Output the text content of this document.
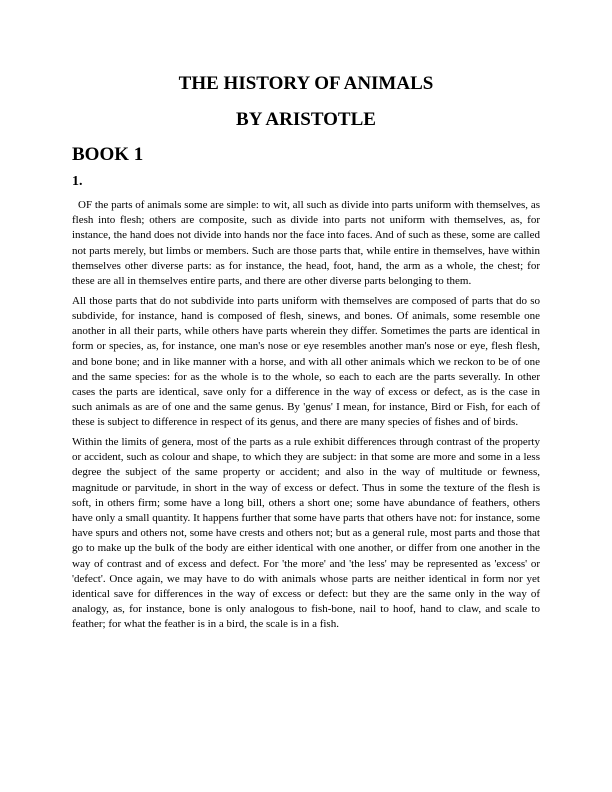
THE HISTORY OF ANIMALS
BY ARISTOTLE
BOOK 1
1.

OF the parts of animals some are simple: to wit, all such as divide into parts uniform with themselves, as flesh into flesh; others are composite, such as divide into parts not uniform with themselves, as, for instance, the hand does not divide into hands nor the face into faces. And of such as these, some are called not parts merely, but limbs or members. Such are those parts that, while entire in themselves, have within themselves other diverse parts: as for instance, the head, foot, hand, the arm as a whole, the chest; for these are all in themselves entire parts, and there are other diverse parts belonging to them.

All those parts that do not subdivide into parts uniform with themselves are composed of parts that do so subdivide, for instance, hand is composed of flesh, sinews, and bones. Of animals, some resemble one another in all their parts, while others have parts wherein they differ. Sometimes the parts are identical in form or species, as, for instance, one man's nose or eye resembles another man's nose or eye, flesh flesh, and bone bone; and in like manner with a horse, and with all other animals which we reckon to be of one and the same species: for as the whole is to the whole, so each to each are the parts severally. In other cases the parts are identical, save only for a difference in the way of excess or defect, as is the case in such animals as are of one and the same genus. By 'genus' I mean, for instance, Bird or Fish, for each of these is subject to difference in respect of its genus, and there are many species of fishes and of birds.

Within the limits of genera, most of the parts as a rule exhibit differences through contrast of the property or accident, such as colour and shape, to which they are subject: in that some are more and some in a less degree the subject of the same property or accident; and also in the way of multitude or fewness, magnitude or parvitude, in short in the way of excess or defect. Thus in some the texture of the flesh is soft, in others firm; some have a long bill, others a short one; some have abundance of feathers, others have only a small quantity. It happens further that some have parts that others have not: for instance, some have spurs and others not, some have crests and others not; but as a general rule, most parts and those that go to make up the bulk of the body are either identical with one another, or differ from one another in the way of contrast and of excess and defect. For 'the more' and 'the less' may be represented as 'excess' or 'defect'. Once again, we may have to do with animals whose parts are neither identical in form nor yet identical save for differences in the way of excess or defect: but they are the same only in the way of analogy, as, for instance, bone is only analogous to fish-bone, nail to hoof, hand to claw, and scale to feather; for what the feather is in a bird, the scale is in a fish.
